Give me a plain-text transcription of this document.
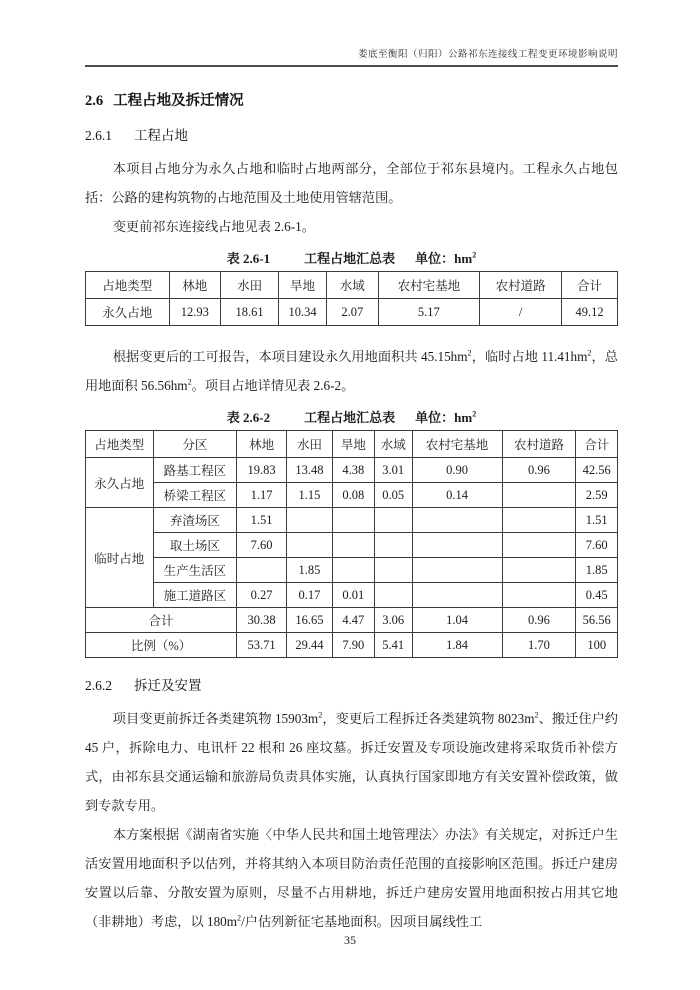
娄底至衡阳（归阳）公路祁东连接线工程变更环境影响说明
2.6 工程占地及拆迁情况
2.6.1 工程占地

本项目占地分为永久占地和临时占地两部分，全部位于祁东县境内。工程永久占地包括：公路的建构筑物的占地范围及土地使用管辖范围。

变更前祁东连接线占地见表 2.6-1。

表 2.6-1	工程占地汇总表 单位：$hm^2$
占地类型	林地	水田	旱地	水域	农村宅基地	农村道路	合计
永久占地	12.93	18.61	10.34	2.07	5.17	/	49.12

根据变更后的工可报告，本项目建设永久用地面积共 $45.15hm^2$，临时占地 $11.41hm^2$，总用地面积 $56.56hm^2$。项目占地详情见表 2.6-2。

表 2.6-2	工程占地汇总表 单位：$hm^2$
占地类型	分区	林地	水田	旱地	水域	农村宅基地	农村道路	合计
永久占地	路基工程区	19.83	13.48	4.38	3.01	0.90	0.96	42.56
	桥梁工程区	1.17	1.15	0.08	0.05	0.14		2.59
临时占地	弃渣场区	1.51						1.51
	取土场区	7.60						7.60
	生产生活区		1.85					1.85
	施工道路区	0.27	0.17	0.01				0.45
合计		30.38	16.65	4.47	3.06	1.04	0.96	56.56
比例（%）		53.71	29.44	7.90	5.41	1.84	1.70	100
2.6.2 拆迁及安置

项目变更前拆迁各类建筑物 $15903m^2$，变更后工程拆迁各类建筑物 $8023m^2$、搬迁住户约 45 户，拆除电力、电讯杆 22 根和 26 座坟墓。拆迁安置及专项设施改建将采取货币补偿方式，由祁东县交通运输和旅游局负责具体实施，认真执行国家即地方有关安置补偿政策，做到专款专用。

本方案根据《湖南省实施〈中华人民共和国土地管理法〉办法》有关规定，对拆迁户生活安置用地面积予以估列，并将其纳入本项目防治责任范围的直接影响区范围。拆迁户建房安置以后靠、分散安置为原则，尽量不占用耕地，拆迁户建房安置用地面积按占用其它地（非耕地）考虑，以 $180m^2/$户估列新征宅基地面积。因项目属线性工

35
